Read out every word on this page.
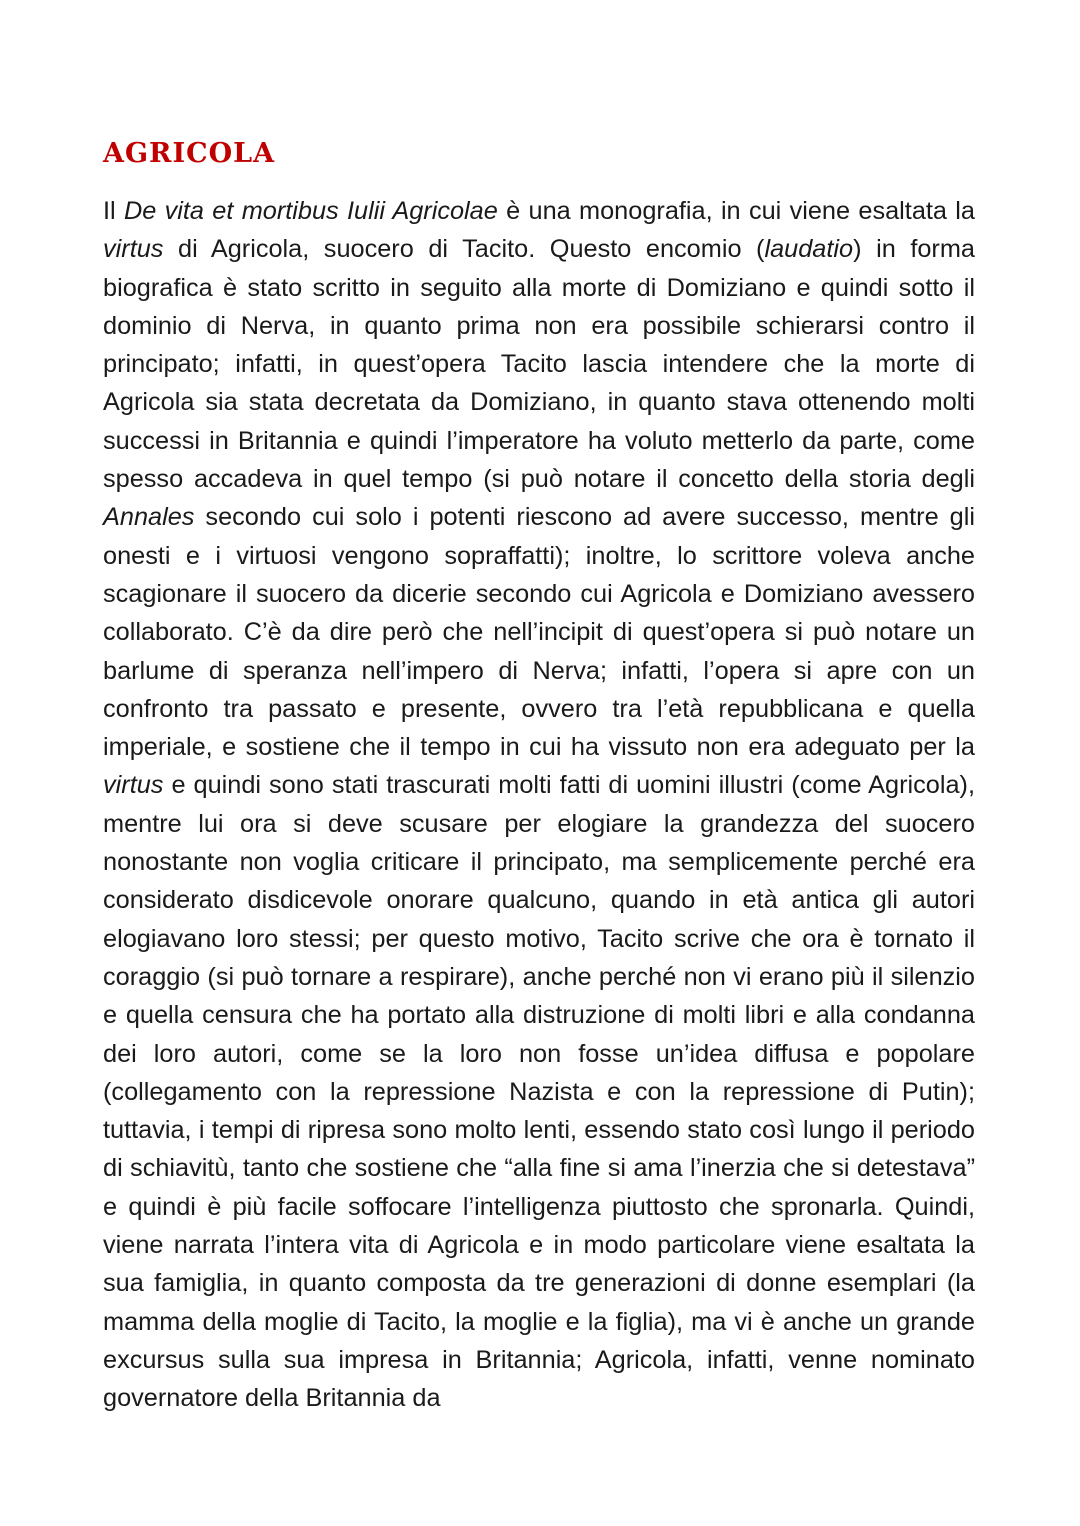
AGRICOLA

Il De vita et mortibus Iulii Agricolae è una monografia, in cui viene esaltata la virtus di Agricola, suocero di Tacito. Questo encomio (laudatio) in forma biografica è stato scritto in seguito alla morte di Domiziano e quindi sotto il dominio di Nerva, in quanto prima non era possibile schierarsi contro il principato; infatti, in quest’opera Tacito lascia intendere che la morte di Agricola sia stata decretata da Domiziano, in quanto stava ottenendo molti successi in Britannia e quindi l’imperatore ha voluto metterlo da parte, come spesso accadeva in quel tempo (si può notare il concetto della storia degli Annales secondo cui solo i potenti riescono ad avere successo, mentre gli onesti e i virtuosi vengono sopraffatti); inoltre, lo scrittore voleva anche scagionare il suocero da dicerie secondo cui Agricola e Domiziano avessero collaborato. C’è da dire però che nell’incipit di quest’opera si può notare un barlume di speranza nell’impero di Nerva; infatti, l’opera si apre con un confronto tra passato e presente, ovvero tra l’età repubblicana e quella imperiale, e sostiene che il tempo in cui ha vissuto non era adeguato per la virtus e quindi sono stati trascurati molti fatti di uomini illustri (come Agricola), mentre lui ora si deve scusare per elogiare la grandezza del suocero nonostante non voglia criticare il principato, ma semplicemente perché era considerato disdicevole onorare qualcuno, quando in età antica gli autori elogiavano loro stessi; per questo motivo, Tacito scrive che ora è tornato il coraggio (si può tornare a respirare), anche perché non vi erano più il silenzio e quella censura che ha portato alla distruzione di molti libri e alla condanna dei loro autori, come se la loro non fosse un’idea diffusa e popolare (collegamento con la repressione Nazista e con la repressione di Putin); tuttavia, i tempi di ripresa sono molto lenti, essendo stato così lungo il periodo di schiavitù, tanto che sostiene che “alla fine si ama l’inerzia che si detestava” e quindi è più facile soffocare l’intelligenza piuttosto che spronarla. Quindi, viene narrata l’intera vita di Agricola e in modo particolare viene esaltata la sua famiglia, in quanto composta da tre generazioni di donne esemplari (la mamma della moglie di Tacito, la moglie e la figlia), ma vi è anche un grande excursus sulla sua impresa in Britannia; Agricola, infatti, venne nominato governatore della Britannia da
